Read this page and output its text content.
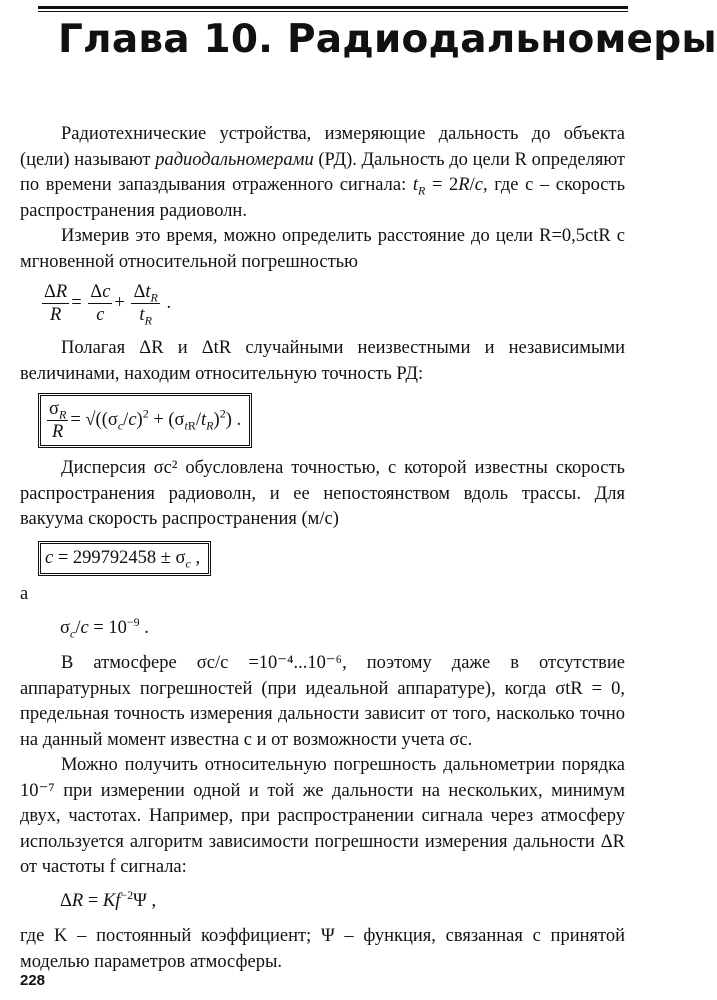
Глава 10. Радиодальномеры

Радиотехнические устройства, измеряющие дальность до объекта (цели) называют радиодальномерами (РД). Дальность до цели R определяют по времени запаздывания отраженного сигнала: $t_R = 2R/c$, где c – скорость распространения радиоволн.

Измерив это время, можно определить расстояние до цели R=0,5ctR с мгновенной относительной погрешностью

$\frac{\Delta R}{R} = \frac{\Delta c}{c} + \frac{\Delta t_R}{t_R}$ .

Полагая ΔR и ΔtR случайными неизвестными и независимыми величинами, находим относительную точность РД:

$\frac{\sigma_R}{R} = √((\sigma_c/c)^2 + (\sigma_{tR}/t_R)^2)$ .

Дисперсия σc² обусловлена точностью, с которой известны скорость распространения радиоволн, и ее непостоянством вдоль трассы. Для вакуума скорость распространения (м/с)

$c = 299792458 \pm \sigma_c$ ,

а

$\sigma_c/c = 10^{-9}$ .

В атмосфере σc/c =10⁻⁴...10⁻⁶, поэтому даже в отсутствие аппаратурных погрешностей (при идеальной аппаратуре), когда σtR = 0, предельная точность измерения дальности зависит от того, насколько точно на данный момент известна c и от возможности учета σc.

Можно получить относительную погрешность дальнометрии порядка 10⁻⁷ при измерении одной и той же дальности на нескольких, минимум двух, частотах. Например, при распространении сигнала через атмосферу используется алгоритм зависимости погрешности измерения дальности ΔR от частоты f сигнала:

$\Delta R = Kf^{-2}\Psi$ ,

где K – постоянный коэффициент; Ψ – функция, связанная с принятой моделью параметров атмосферы.

228
